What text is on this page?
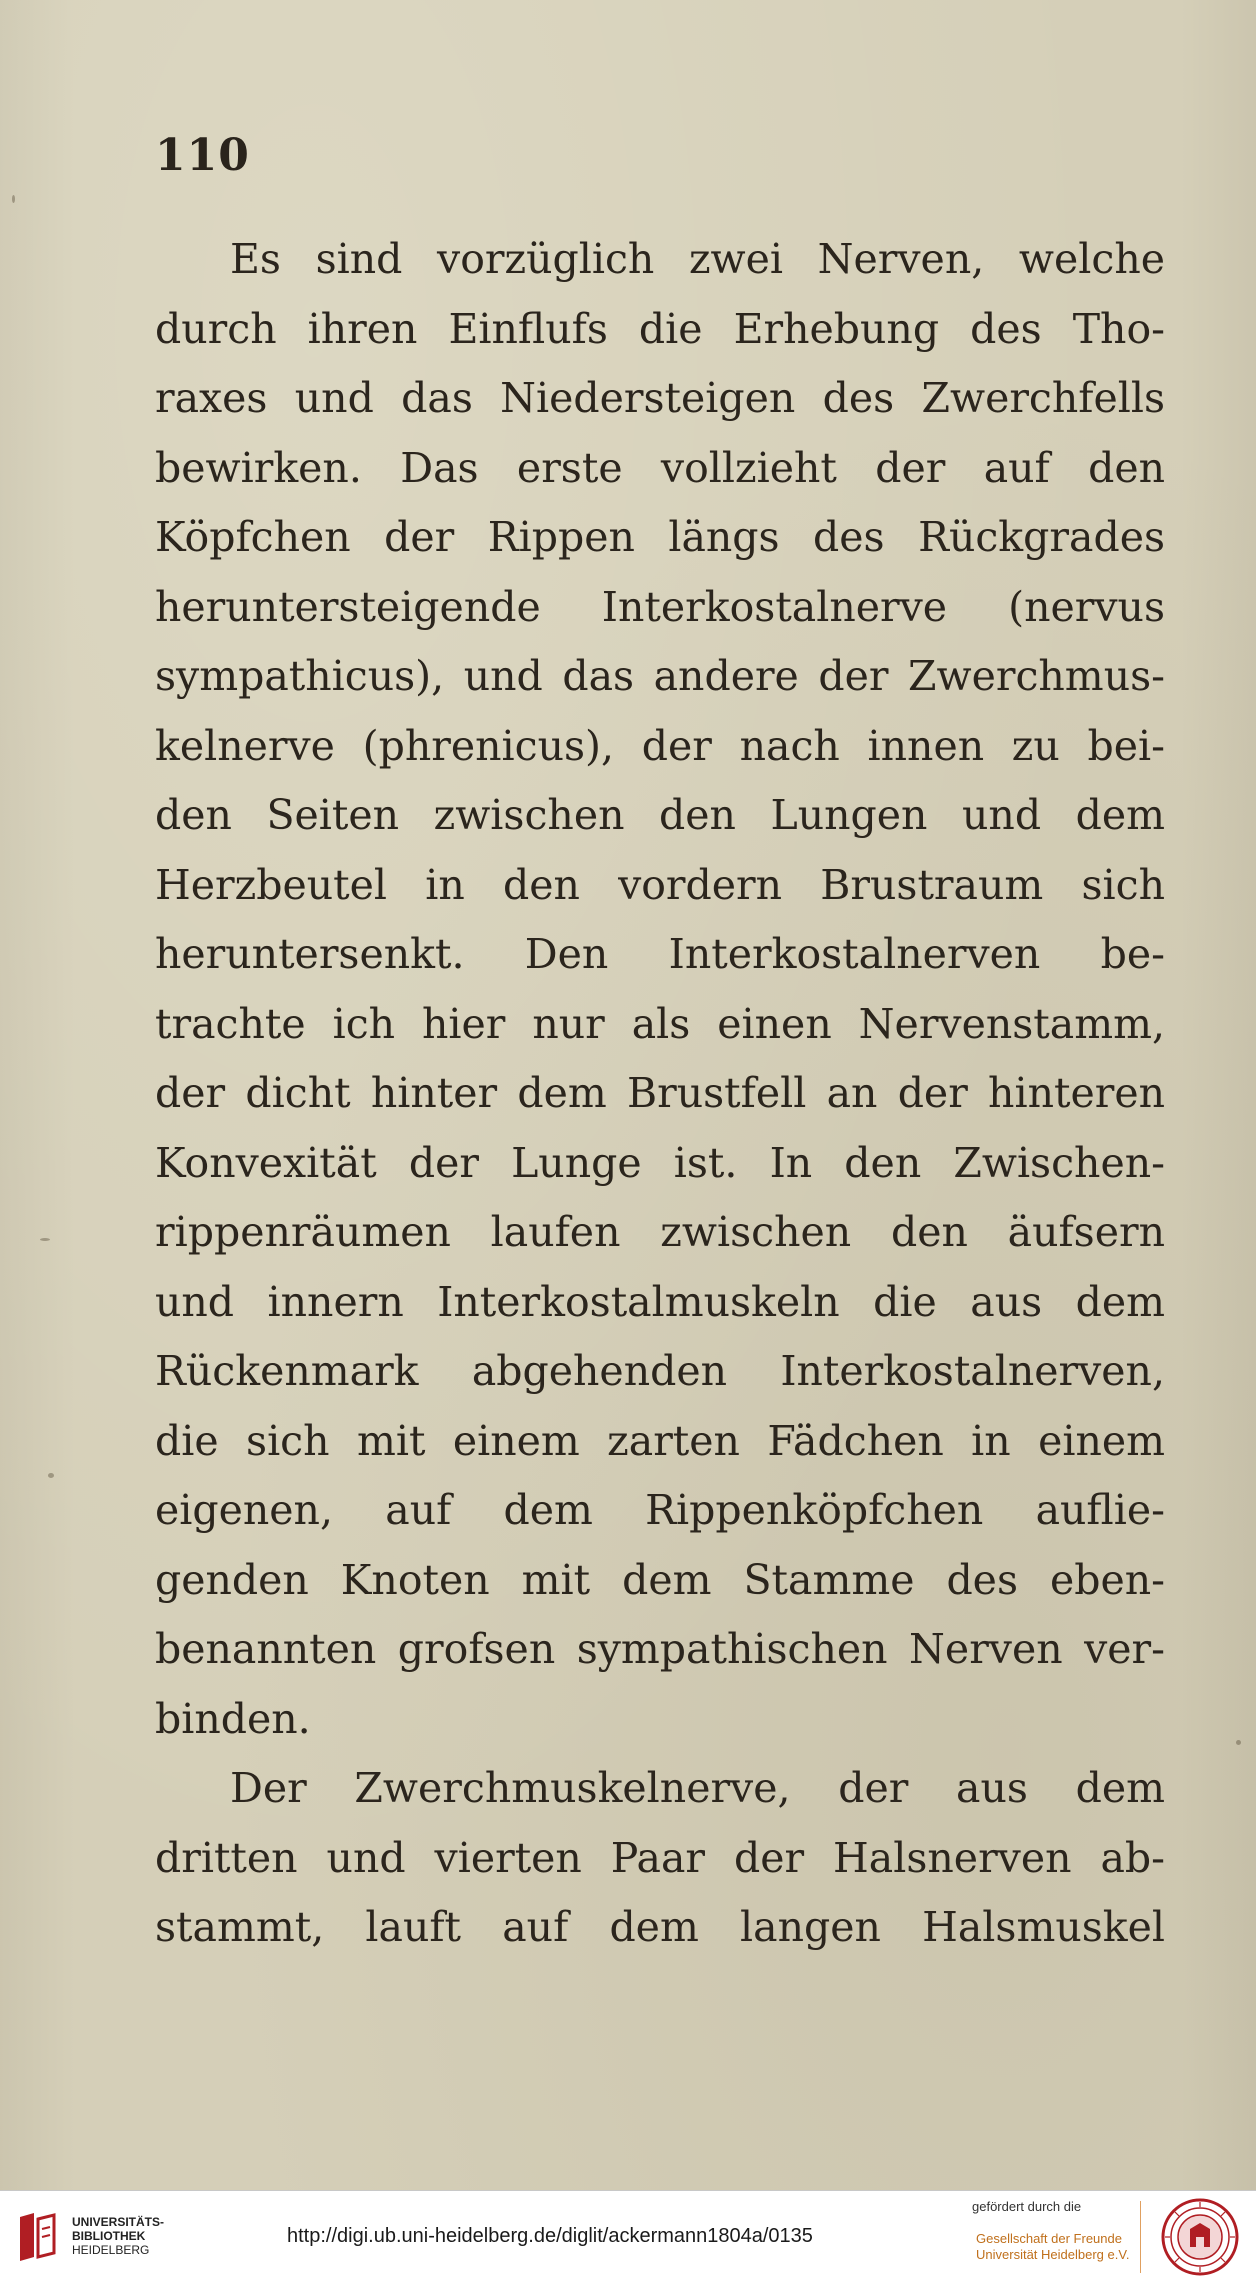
110

Es sind vorzüglich zwei Nerven, welche
durch ihren Einflufs die Erhebung des Tho-
raxes und das Niedersteigen des Zwerchfells
bewirken. Das erste vollzieht der auf den
Köpfchen der Rippen längs des Rückgrades
heruntersteigende Interkostalnerve (nervus
sympathicus), und das andere der Zwerchmus-
kelnerve (phrenicus), der nach innen zu bei-
den Seiten zwischen den Lungen und dem
Herzbeutel in den vordern Brustraum sich
heruntersenkt. Den Interkostalnerven be-
trachte ich hier nur als einen Nervenstamm,
der dicht hinter dem Brustfell an der hinteren
Konvexität der Lunge ist. In den Zwischen-
rippenräumen laufen zwischen den äufsern
und innern Interkostalmuskeln die aus dem
Rückenmark abgehenden Interkostalnerven,
die sich mit einem zarten Fädchen in einem
eigenen, auf dem Rippenköpfchen auflie-
genden Knoten mit dem Stamme des eben-
benannten grofsen sympathischen Nerven ver-
binden.
Der Zwerchmuskelnerve, der aus dem
dritten und vierten Paar der Halsnerven ab-
stammt, lauft auf dem langen Halsmuskel
UNIVERSITÄTS-
BIBLIOTHEK
HEIDELBERG
http://digi.ub.uni-heidelberg.de/diglit/ackermann1804a/0135
gefördert durch die
Gesellschaft der Freunde
Universität Heidelberg e.V.
